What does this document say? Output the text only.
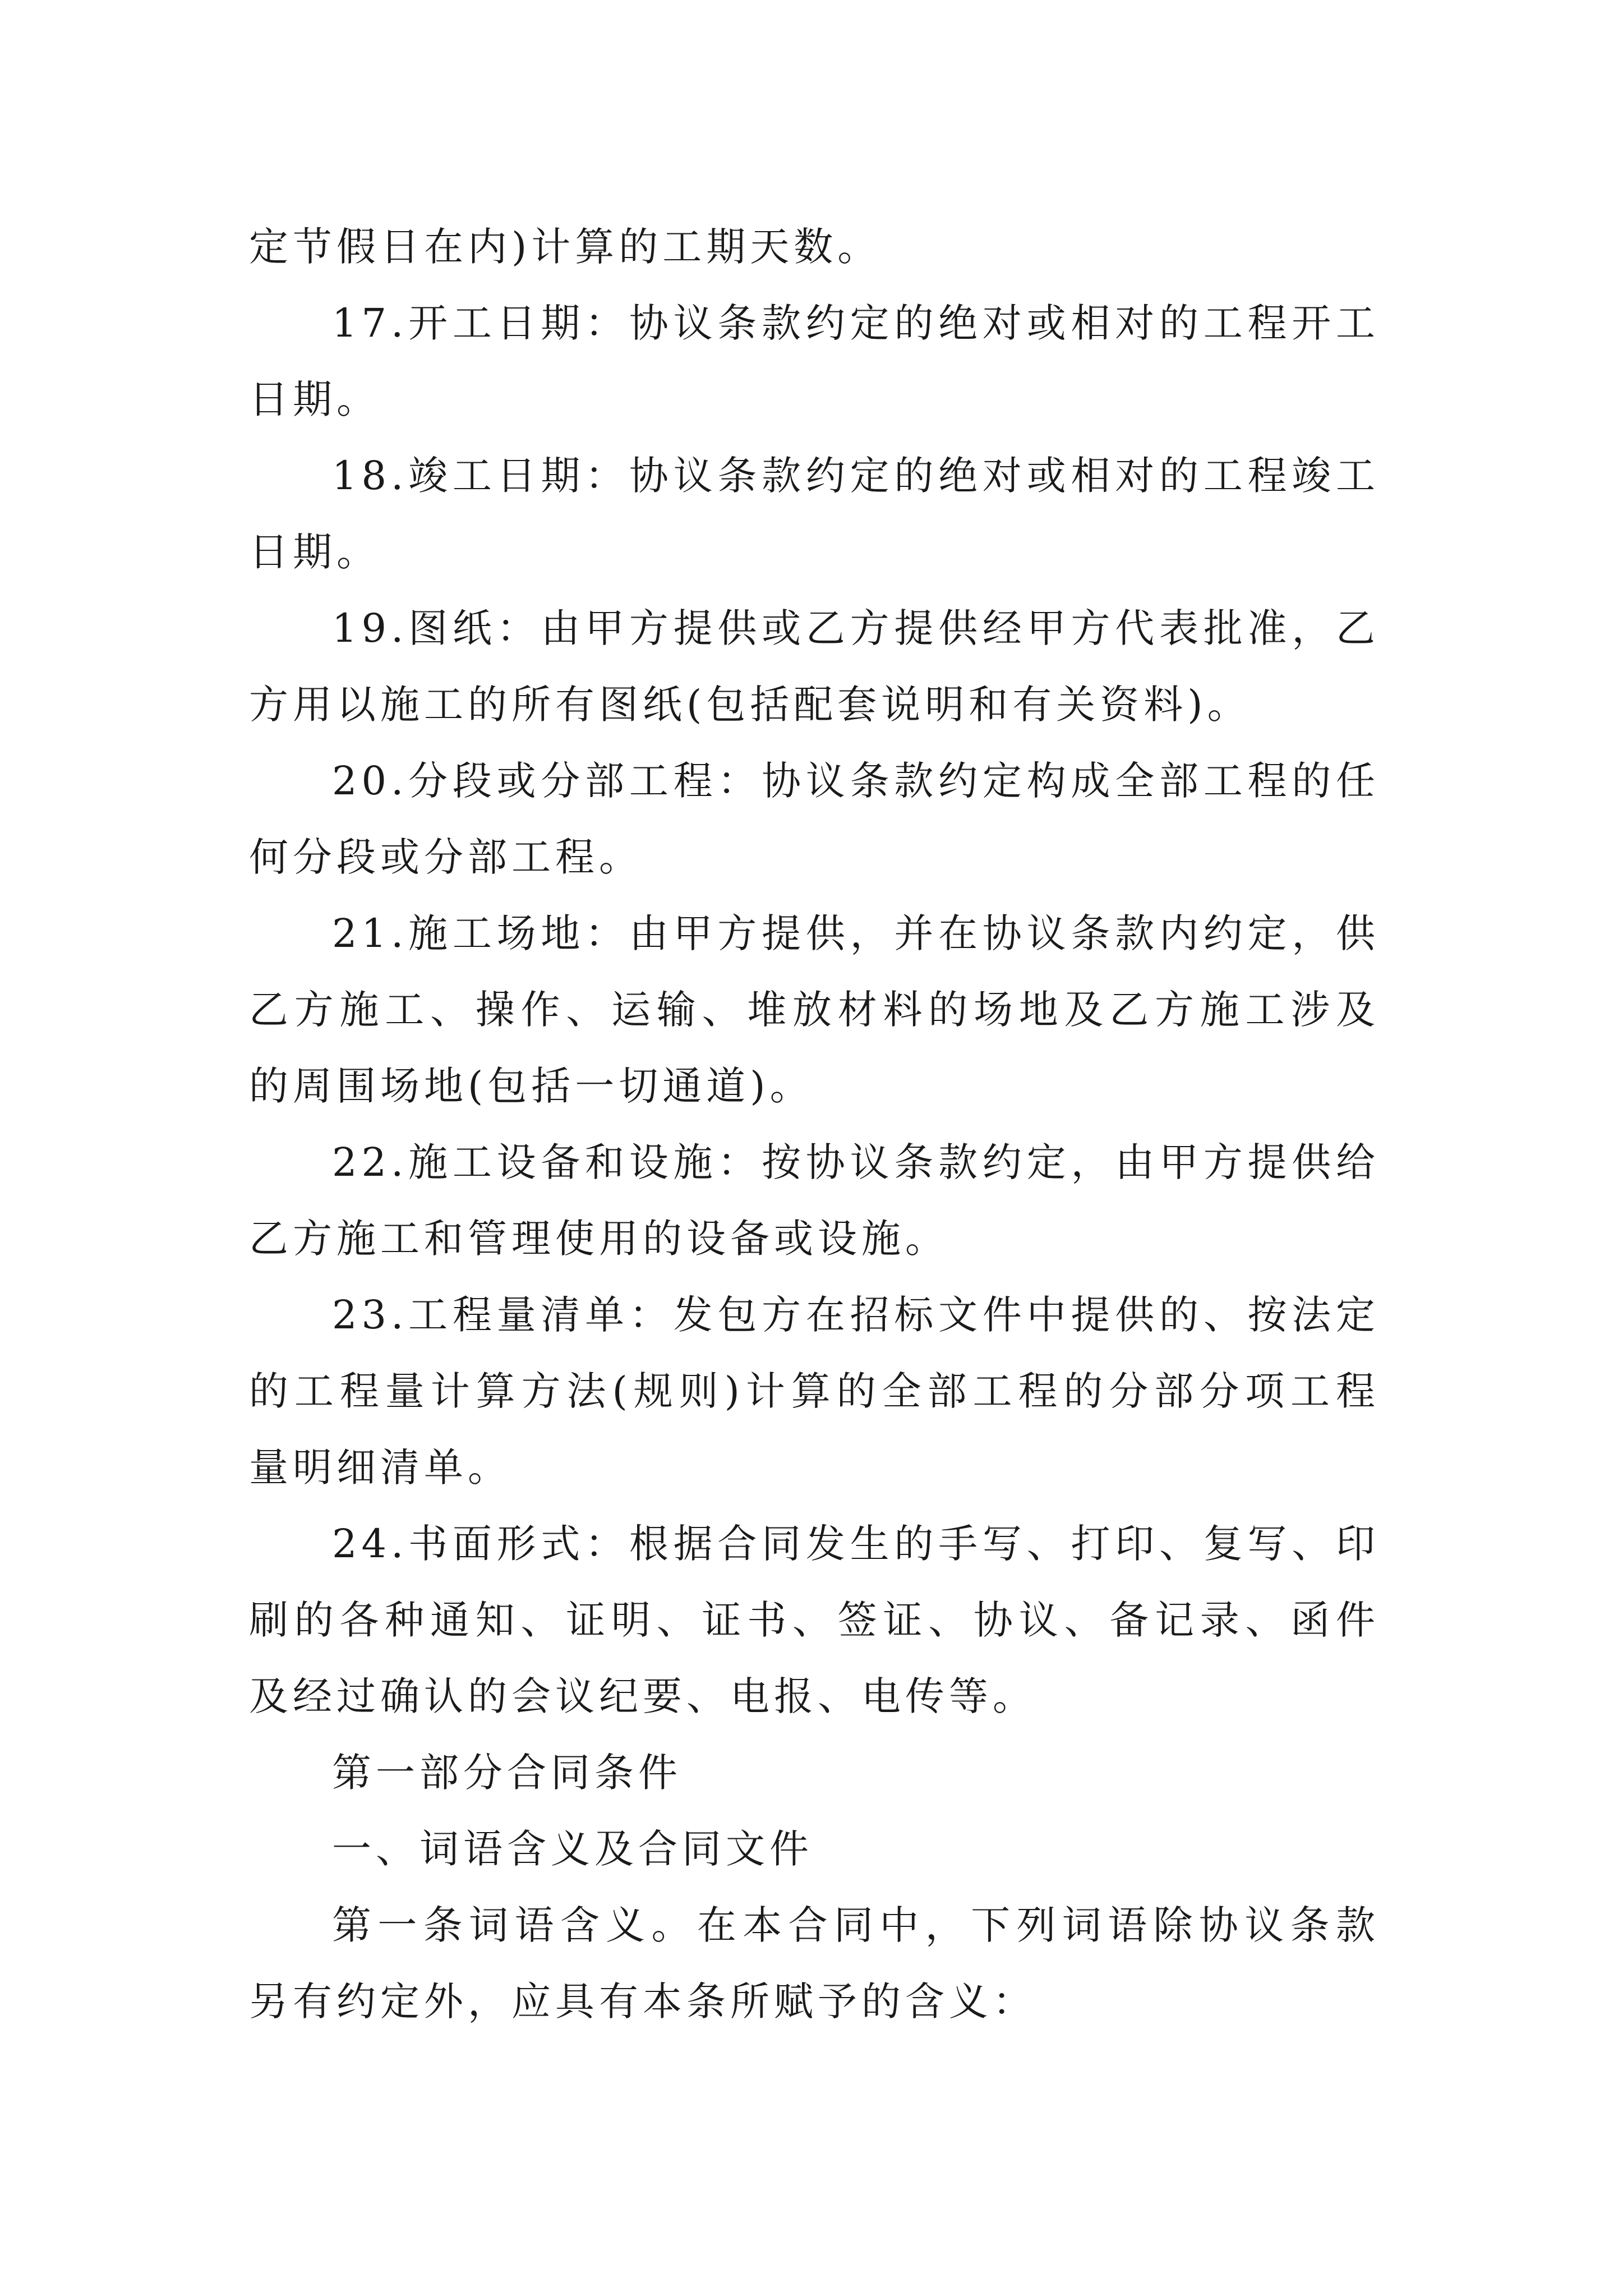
定节假日在内)计算的工期天数。

17.开工日期：协议条款约定的绝对或相对的工程开工日期。

18.竣工日期：协议条款约定的绝对或相对的工程竣工日期。

19.图纸：由甲方提供或乙方提供经甲方代表批准，乙方用以施工的所有图纸(包括配套说明和有关资料)。

20.分段或分部工程：协议条款约定构成全部工程的任何分段或分部工程。

21.施工场地：由甲方提供，并在协议条款内约定，供乙方施工、操作、运输、堆放材料的场地及乙方施工涉及的周围场地(包括一切通道)。

22.施工设备和设施：按协议条款约定，由甲方提供给乙方施工和管理使用的设备或设施。

23.工程量清单：发包方在招标文件中提供的、按法定的工程量计算方法(规则)计算的全部工程的分部分项工程量明细清单。

24.书面形式：根据合同发生的手写、打印、复写、印刷的各种通知、证明、证书、签证、协议、备记录、函件及经过确认的会议纪要、电报、电传等。

第一部分合同条件

一、词语含义及合同文件

第一条词语含义。在本合同中，下列词语除协议条款另有约定外，应具有本条所赋予的含义：
